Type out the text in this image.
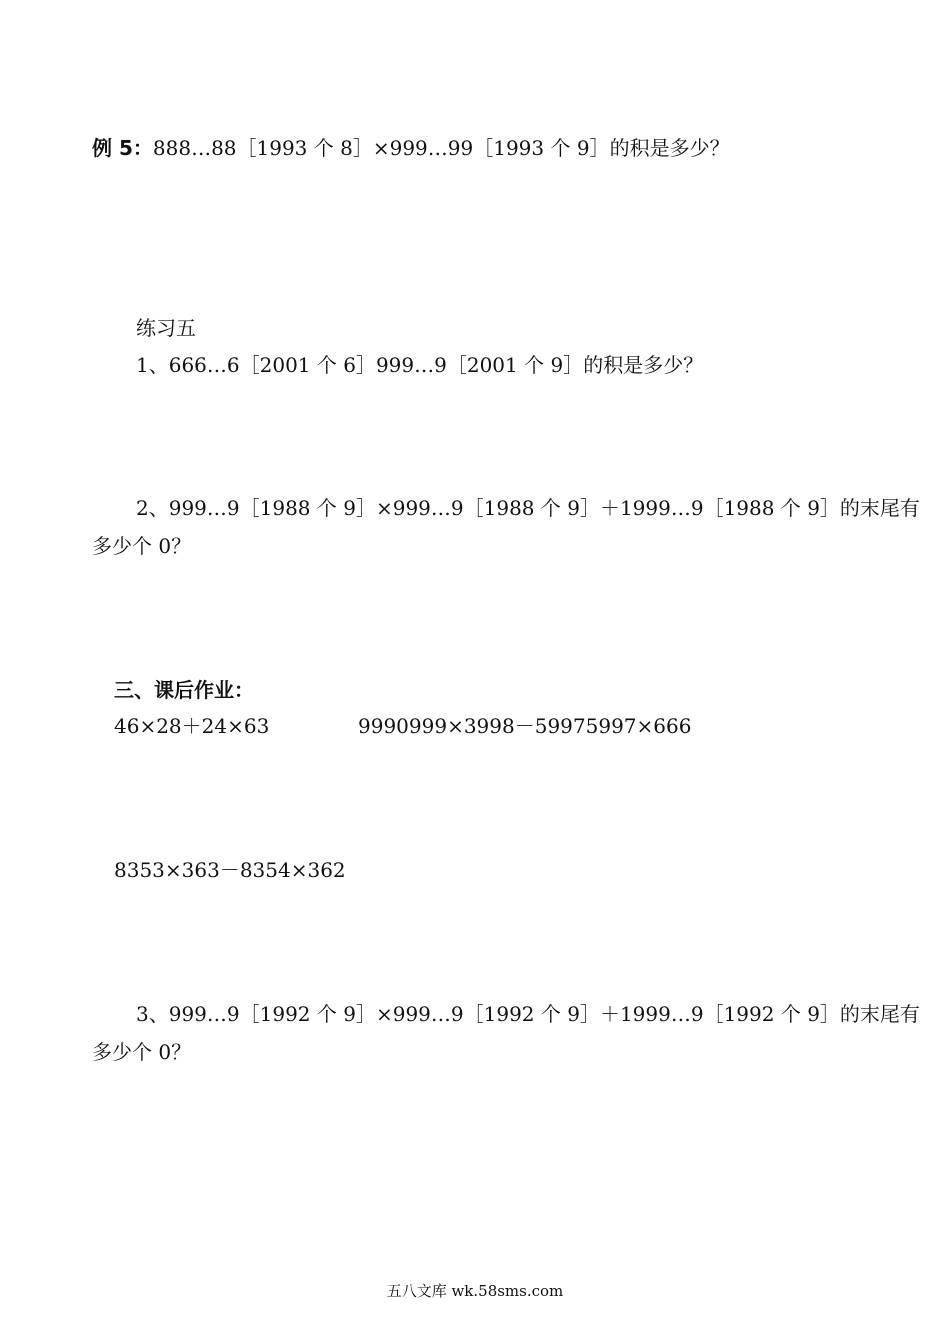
例 5：888…88［1993 个 8］×999…99［1993 个 9］的积是多少？
练习五
1、666…6［2001 个 6］999…9［2001 个 9］的积是多少？
2、999…9［1988 个 9］×999…9［1988 个 9］＋1999…9［1988 个 9］的末尾有
多少个 0？
三、课后作业：
46×28＋24×63	9990999×3998－59975997×666
8353×363－8354×362
3、999…9［1992 个 9］×999…9［1992 个 9］＋1999…9［1992 个 9］的末尾有
多少个 0？
五八文库 wk.58sms.com
